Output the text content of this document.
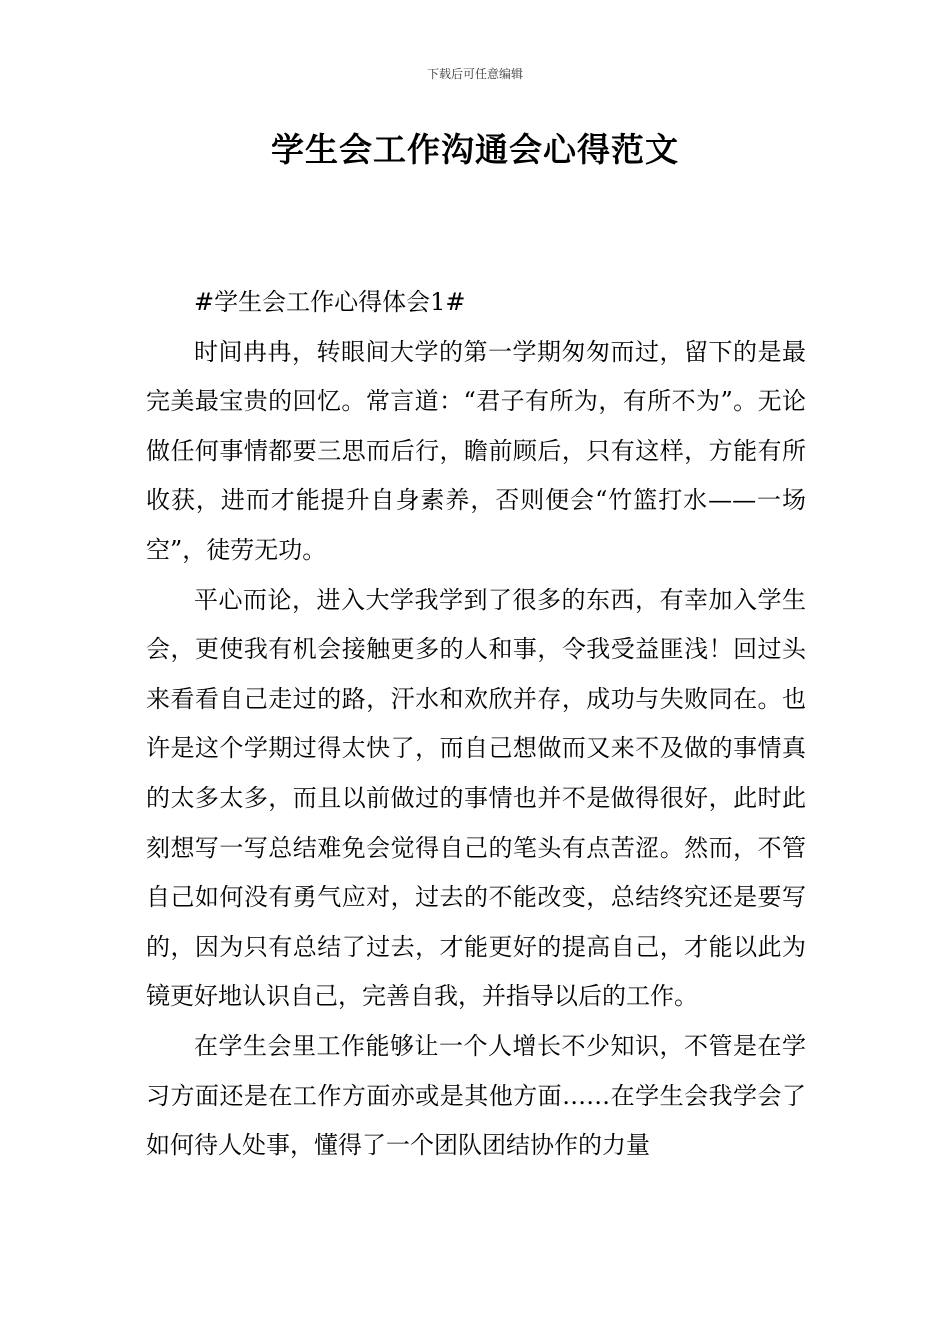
下载后可任意编辑
学生会工作沟通会心得范文

#学生会工作心得体会1#

时间冉冉，转眼间大学的第一学期匆匆而过，留下的是最完美最宝贵的回忆。常言道：“君子有所为，有所不为”。无论做任何事情都要三思而后行，瞻前顾后，只有这样，方能有所收获，进而才能提升自身素养，否则便会“竹篮打水——一场空”，徒劳无功。

平心而论，进入大学我学到了很多的东西，有幸加入学生会，更使我有机会接触更多的人和事，令我受益匪浅！回过头来看看自己走过的路，汗水和欢欣并存，成功与失败同在。也许是这个学期过得太快了，而自己想做而又来不及做的事情真的太多太多，而且以前做过的事情也并不是做得很好，此时此刻想写一写总结难免会觉得自己的笔头有点苦涩。然而，不管自己如何没有勇气应对，过去的不能改变，总结终究还是要写的，因为只有总结了过去，才能更好的提高自己，才能以此为镜更好地认识自己，完善自我，并指导以后的工作。

在学生会里工作能够让一个人增长不少知识，不管是在学习方面还是在工作方面亦或是其他方面……在学生会我学会了如何待人处事，懂得了一个团队团结协作的力量
